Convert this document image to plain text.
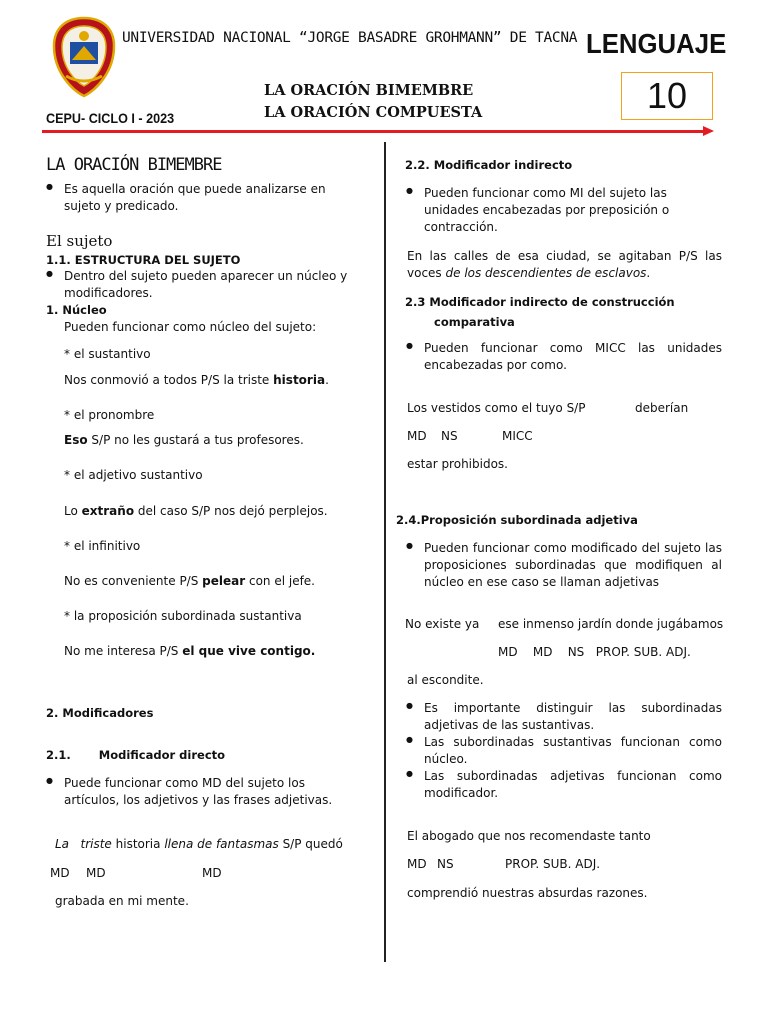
UNIVERSIDAD NACIONAL “JORGE BASADRE GROHMANN” DE TACNA LENGUAJE
LA ORACIÓN BIMEMBRE
LA ORACIÓN COMPUESTA
CEPU- CICLO I - 2023
10
LA ORACIÓN BIMEMBRE
● Es aquella oración que puede analizarse en sujeto y predicado.
El sujeto
1.1. ESTRUCTURA DEL SUJETO
● Dentro del sujeto pueden aparecer un núcleo y modificadores.
1. Núcleo
Pueden funcionar como núcleo del sujeto:
* el sustantivo
Nos conmovió a todos P/S la triste historia.
* el pronombre
Eso S/P no les gustará a tus profesores.
* el adjetivo sustantivo
Lo extraño del caso S/P nos dejó perplejos.
* el infinitivo
No es conveniente P/S pelear con el jefe.
* la proposición subordinada sustantiva
No me interesa P/S el que vive contigo.
2. Modificadores
2.1. Modificador directo
● Puede funcionar como MD del sujeto los artículos, los adjetivos y las frases adjetivas.
La triste historia llena de fantasmas S/P quedó
MD MD	MD
grabada en mi mente.
2.2. Modificador indirecto
● Pueden funcionar como MI del sujeto las unidades encabezadas por preposición o contracción.
En las calles de esa ciudad, se agitaban P/S las voces de los descendientes de esclavos.
2.3 Modificador indirecto de construcción
comparativa
● Pueden funcionar como MICC las unidades encabezadas por como.
Los vestidos como el tuyo S/P	deberían
MD NS	MICC
estar prohibidos.
2.4.Proposición subordinada adjetiva
● Pueden funcionar como modificado del sujeto las proposiciones subordinadas que modifiquen al núcleo en ese caso se llaman adjetivas
No existe ya ese inmenso jardín donde jugábamos
MD    MD    NS   PROP. SUB. ADJ.
al escondite.
● Es importante distinguir las subordinadas adjetivas de las sustantivas.
● Las subordinadas sustantivas funcionan como núcleo.
● Las subordinadas adjetivas funcionan como modificador.
El abogado que nos recomendaste tanto
MD NS	PROP. SUB. ADJ.
comprendió nuestras absurdas razones.
